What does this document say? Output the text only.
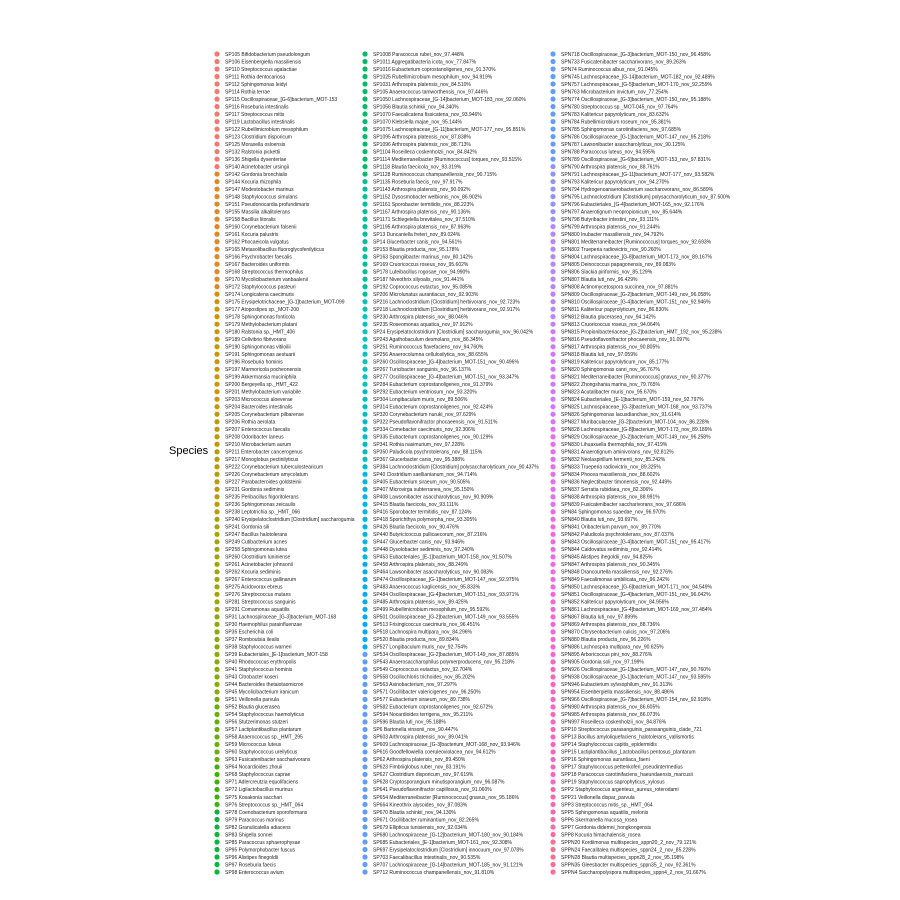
Species
SP105 Bifidobacterium pseudolongum
SP106 Eisenbergiella massiliensis
SP110 Streptococcus agalactiae
SP111 Rothia dentocariosa
SP112 Sphingomonas leidyi
SP114 Rothia terrae
SP115 Oscillospiraceae_[G-6]bacterium_MOT-153
SP116 Roseburia intestinalis
SP117 Streptococcus mitis
SP119 Lactobacillus intestinalis
SP122 Rubellimicrobium mesophilum
SP123 Clostridium disporicum
SP125 Moraxella osloensis
SP132 Ralstonia pickettii
SP136 Shigella dysenteriae
SP140 Acinetobacter ursingii
SP142 Gordonia bronchialis
SP144 Kocuria rhizophila
SP147 Modestobacter marinus
SP148 Staphylococcus simulans
SP151 Pseudonocardia profundimaris
SP155 Massilia alkalitolerans
SP158 Bacillus litoralis
SP160 Corynebacterium falsenii
SP161 Kocuria palustris
SP162 Phocaeicola vulgatus
SP165 Metasolibacillus fluoroglycofenilyticus
SP166 Psychrobacter faecalis
SP167 Bacteroides uniformis
SP168 Streptococcus thermophilus
SP170 Mycolicibacterium vanbaalenii
SP172 Staphylococcus pasteuri
SP174 Longicatena caecimuris
SP175 Erysipelotrichaceae_[G-1]bacterium_MOT-099
SP177 Atopostipes sp._MOT-200
SP178 Sphingomonas fonticola
SP179 Methylobacterium platani
SP180 Ralstonia sp._HMT_406
SP189 Cellvibrio fibrivorans
SP190 Sphingomonas vitiloilii
SP191 Sphingomonas aestuarii
SP196 Roseburia hominis
SP197 Marmoricola pocheonensis
SP199 Akkermansia muciniphila
SP200 Bergeyella sp._HMT_422
SP201 Methylobacterium variabile
SP203 Micrococcus aloeverae
SP204 Bacteroides intestinalis
SP205 Corynebacterium pilbarense
SP206 Rothia aerolata
SP207 Enterococcus faecalis
SP208 Odoribacter laneus
SP210 Microbacterium aurum
SP211 Enterobacter cancerogenus
SP217 Monoglobus pectinilyticus
SP222 Corynebacterium tuberculostearicum
SP226 Corynebacterium amycolatum
SP227 Parabacteroides goldsteinii
SP231 Gordonia sediminis
SP235 Peribacillus frigoritolerans
SP236 Sphingomonas zeicaulis
SP238 Leptotrichia sp._HMT_066
SP240 Erysipelatoclostridium [Clostridium] saccharogumia
SP241 Gordonia sili
SP247 Bacillus halotolerans
SP249 Cutibacterium acnes
SP258 Sphingomonas lutea
SP260 Clostridium luniniense
SP261 Acinetobacter johnsonii
SP262 Kocuria sediminis
SP267 Enterococcus gallinarum
SP275 Acidovorax ebreus
SP276 Streptococcus mutans
SP281 Streptococcus sanguinis
SP291 Comamonas aquatilis
SP31 Lachnospiraceae_[G-3]bacterium_MOT-168
SP30 Haemophilus parainfluenzae
SP35 Escherichia coli
SP37 Romboutsia ilealis
SP38 Staphylococcus warneri
SP39 Eubacteriales_[E-1]bacterium_MOT-158
SP40 Rhodococcus erythropolis
SP41 Staphylococcus hominis
SP43 Citrobacter koseri
SP44 Bacteroides thetaiotaomicron
SP45 Mycolicibacterium iranicum
SP51 Veillonella parvula
SP52 Blautia glucerasea
SP54 Staphylococcus haemolyticus
SP56 Stutzerimonas stutzeri
SP57 Lactiplantibacillus plantarum
SP58 Anaerococcus sp._HMT_295
SP59 Micrococcus luteus
SP60 Staphylococcus ureilyticus
SP63 Fusicatenibacter saccharivorans
SP64 Nocardioides zhouii
SP68 Staphylococcus caprae
SP71 Adlercreutzia equolifaciens
SP72 Ligilactobacillus murinus
SP75 Kosakonia sacchari
SP76 Streptococcus sp._HMT_064
SP78 Coenobacterium sporoformans
SP79 Paracoccus marinus
SP82 Granulicatella adiacens
SP83 Shigella sonnei
SP85 Paracoccus sphaerophysae
SP95 Polymorphobacter fuscus
SP96 Alistipes finegoldii
SP97 Roseburia faecis
SP98 Enterococcus avium
SP1008 Paracoccus rubei_nov_97.448%
SP1011 Aggregatibacteria icota_nov_77.847%
SP1016 Eubacterium coprostanoligenes_nov_91.370%
SP1025 Rubellimicrobium mesophilum_nov_94.919%
SP1031 Arthrospira platensis_nov_84.510%
SP105 Anaerococcus tamworthensis_nov_97.446%
SP1050 Lachnospiraceae_[G-14]bacterium_MOT-183_nov_92.060%
SP1056 Blautia schinkii_nov_94.340%
SP1070 Faecalicatena fissicatena_nov_93.946%
SP1070 Klebsiella majae_nov_95.144%
SP1075 Lachnospiraceae_[G-11]bacterium_MOT-177_nov_95.851%
SP1095 Arthrospira platensis_nov_87.838%
SP1096 Arthrospira platensis_nov_88.713%
SP1104 Roseilleca coskenholzii_nov_84.842%
SP1114 Mediterraneibacter [Ruminococcus] torques_nov_93.515%
SP1118 Blautia faecicola_nov_93.319%
SP1128 Ruminococcus champanellensis_nov_90.715%
SP1135 Roseburia faecis_nov_97.917%
SP1143 Arthrospira platensis_nov_90.092%
SP1152 Dysosmobacter welbionis_nov_86.902%
SP1161 Sporobacter termitidis_nov_88.223%
SP1167 Arthrospira platensis_nov_90.136%
SP1171 Schlegelella brevitalea_nov_97.510%
SP1195 Arthrospira platensis_nov_87.963%
SP13 Duncaniella freteri_nov_89.024%
SP14 Glucerbacter canis_nov_94.561%
SP153 Blautia producta_nov_95.178%
SP163 Spongiibacter marinus_nov_80.142%
SP169 Cruoricoccus roseus_nov_95.602%
SP178 Luteibacillus rogosae_nov_94.990%
SP187 Niveothrix silyoalis_nov_91.441%
SP192 Coprococcus eutactus_nov_95.085%
SP206 Microlunatus aurantiacus_nov_92.903%
SP216 Lachnoclostridium [Clostridium] herbivorans_nov_92.723%
SP218 Lachnoclostridium [Clostridium] herbivorans_nov_92.917%
SP230 Arthrospira platensis_nov_88.046%
SP235 Roseomonas aquatica_nov_97.912%
SP24 Erysipelatoclostridium [Clostridium] saccharogumia_nov_96.042%
SP243 Agathobaculum desmolans_nov_86.345%
SP251 Ruminococcus flavefaciens_nov_94.760%
SP256 Anaerocolumna cellulosilytica_nov_88.655%
SP260 Oscillospiraceae_[G-4]bacterium_MOT-151_nov_90.496%
SP267 Turicibacter sanguinis_nov_96.137%
SP277 Oscillospiraceae_[G-4]bacterium_MOT-151_nov_93.347%
SP284 Eubacterium coprostanoligenes_nov_91.379%
SP292 Eubacterium ventriosum_nov_93.320%
SP304 Longibaculum muris_nov_89.506%
SP314 Eubacterium coprostanoligenes_nov_92.424%
SP320 Corynebacterium nuruki_nov_97.629%
SP322 Pseudoflavonifractor phocaeensis_nov_91.511%
SP334 Comebacter caecimuris_nov_92.306%
SP335 Eubacterium coprostanoligenes_nov_90.129%
SP341 Rothia nasimurium_nov_97.228%
SP350 Paludicola psychrotolerans_nov_88.115%
SP367 Glucerbacter canis_nov_95.388%
SP384 Lachnoclostridium [Clostridium] polysaccharolyticum_nov_90.437%
SP40 Clostridium saellianianum_nov_94.714%
SP405 Eubacterium siraeum_nov_90.505%
SP407 Microvirga subterranea_nov_95.150%
SP408 Lawsonibacter asaccharolyticus_nov_90.909%
SP415 Blautia faecicola_nov_93.111%
SP416 Sporobacter termitidis_nov_87.124%
SP418 Sporichthya polymorpha_nov_93.305%
SP426 Blautia faecicola_nov_90.476%
SP440 Butyricicoccus pullicaecorum_nov_87.216%
SP447 Glucerbacter canis_nov_93.946%
SP448 Dysolobacter sediminis_nov_97.240%
SP453 Eubacteriales_[E-1]bacterium_MOT-158_nov_91.507%
SP458 Arthrospira platensis_nov_88.249%
SP464 Lawsonibacter asaccharolyticus_nov_90.083%
SP474 Oscillospiraceae_[G-1]bacterium_MOT-147_nov_92.975%
SP483 Anaerococcus kaglicensis_nov_95.833%
SP484 Oscillospiraceae_[G-4]bacterium_MOT-151_nov_93.971%
SP485 Arthrospira platensis_nov_89.425%
SP499 Rubellimicrobium mesophilum_nov_95.592%
SP501 Oscillospiraceae_[G-2]bacterium_MOT-149_nov_93.555%
SP513 Frisingicoccus caecimuris_nov_96.451%
SP518 Lachnospira multipara_nov_84.296%
SP520 Blautia producta_nov_89.834%
SP527 Longibaculum muris_nov_92.754%
SP534 Oscillospiraceae_[G-2]bacterium_MOT-149_nov_87.885%
SP543 Anaerosaccharophilus polymerproducens_nov_95.218%
SP549 Coprococcus eutactus_nov_92.704%
SP558 Oscillochloris trichoides_nov_85.202%
SP563 Asinobacterium_nov_97.297%
SP571 Oscillibacter valericigenes_nov_96.250%
SP577 Eubacterium siraeum_nov_89.738%
SP582 Eubacterium coprostanoligenes_nov_92.672%
SP594 Nocardioides terrigena_nov_95.211%
SP596 Blautia luti_nov_95.188%
SP6 Bartonella vinsonii_nov_90.447%
SP603 Arthrospira platensis_nov_89.041%
SP609 Lachnospiraceae_[G-3]bacterium_MOT-168_nov_93.946%
SP616 Goodfellowiella coeruleoviolacea_nov_94.612%
SP62 Arthrospira platensis_nov_89.450%
SP623 Fimbriiglobus ruber_nov_83.191%
SP627 Clostridium disporicum_nov_97.619%
SP628 Cryptosporangium minutisporangium_nov_96.087%
SP641 Pseudoflavonifractor capillosus_nov_91.060%
SP654 Mediterraneibacter [Ruminococcus] gnavus_nov_95.186%
SP664 Kineothrix alysoides_nov_87.083%
SP670 Blautia schinkii_nov_94.130%
SP671 Oscillibacter ruminantium_nov_82.265%
SP679 Ellipticus tunisiensis_nov_92.034%
SP680 Lachnospiraceae_[G-12]bacterium_MOT-180_nov_90.184%
SP685 Eubacteriales_[E-1]bacterium_MOT-161_nov_92.308%
SP697 Erysipelatoclostridium [Clostridium] innocuum_nov_97.078%
SP703 Faecalibacillus intestinalis_nov_90.535%
SP707 Lachnospiraceae_[G-14]bacterium_MOT-185_nov_91.121%
SP712 Ruminococcus champanellensis_nov_91.810%
SPN718 Oscillospiraceae_[G-3]bacterium_MOT-150_nov_96.458%
SPN733 Fusicatenibacter saccharivorans_nov_89.263%
SPN74 Ruminococcus albus_nov_91.045%
SPN745 Lachnospiraceae_[G-14]bacterium_MOT-182_nov_92.489%
SPN757 Lachnospiraceae_[G-5]bacterium_MOT-170_nov_92.259%
SPN763 Microbacterium invictum_nov_77.254%
SPN774 Oscillospiraceae_[G-3]bacterium_MOT-150_nov_95.188%
SPN780 Streptococcus sp._MOT-045_nov_97.764%
SPN783 Kalitericur papyrolyticum_nov_83.632%
SPN784 Rubellimicrobium roseum_nov_95.381%
SPN785 Sphingomonas carotinifaciens_nov_97.685%
SPN786 Oscillospiraceae_[G-1]bacterium_MOT-147_nov_95.218%
SPN787 Lawsonibacter asaccharolyticus_nov_90.125%
SPN788 Paracoccus luteus_nov_94.595%
SPN789 Oscillospiraceae_[G-6]bacterium_MOT-153_nov_97.831%
SPN790 Arthrospira platensis_nov_88.761%
SPN791 Lachnospiraceae_[G-11]bacterium_MOT-177_nov_93.582%
SPN793 Kalitericur papyrolyticum_nov_94.270%
SPN794 Hydrogenoanaerobacterium saccharovorans_nov_86.589%
SPN795 Lachnoclostridium [Clostridium] polysaccharolyticum_nov_87.500%
SPN796 Eubacteriales_[G-4]bacterium_MOT-165_nov_92.176%
SPN797 Anaerotignum neopropionicum_nov_85.644%
SPN798 Butyribacter intestini_nov_93.111%
SPN799 Arthrospira platensis_nov_91.244%
SPN800 Inubacter massiliensis_nov_94.792%
SPN801 Mediterraneibacter [Ruminococcus] torques_nov_92.693%
SPN802 Trueperia radiovictrix_nov_90.260%
SPN804 Lachnospiraceae_[G-8]bacterium_MOT-173_nov_89.167%
SPN805 Deinococcus papagonensis_nov_89.083%
SPN806 Slackia piriformis_nov_85.129%
SPN807 Blautia luti_nov_96.429%
SPN808 Actinomycetospora succinea_nov_97.881%
SPN809 Oscillospiraceae_[G-2]bacterium_MOT-149_nov_96.058%
SPN810 Oscillospiraceae_[G-4]bacterium_MOT-151_nov_92.946%
SPN811 Kalitericur papyrolyticum_nov_86.830%
SPN812 Blautia glucerasea_nov_94.142%
SPN813 Cruoricoccus roseus_nov_94.064%
SPN815 Propionibacteriaceae_[G-2]bacterium_HMT_192_nov_95.238%
SPN816 Pseudoflavonifractor phocaeensis_nov_91.097%
SPN817 Arthrospira platensis_nov_90.805%
SPN818 Blautia luti_nov_97.059%
SPN819 Kalitericur papyrolyticum_nov_85.177%
SPN820 Sphingomonas canri_nov_96.767%
SPN821 Mediterraneibacter [Ruminococcus] gnavus_nov_90.377%
SPN822 Zhongshania marina_nov_79.765%
SPN823 Acutalibacter muris_nov_95.670%
SPN824 Eubacteriales_[E-1]bacterium_MOT-159_nov_92.797%
SPN825 Lachnospiraceae_[G-3]bacterium_MOT-168_nov_93.737%
SPN826 Sphingomonas lacusdianchae_nov_91.614%
SPN827 Muribaculaceae_[G-2]bacterium_MOT-104_nov_86.228%
SPN828 Lachnospiraceae_[G-8]bacterium_MOT-173_nov_89.189%
SPN829 Oscillospiraceae_[G-2]bacterium_MOT-149_nov_96.258%
SPN830 Lihuaxuella thermophila_nov_97.419%
SPN831 Anaerotignum aminivorans_nov_92.812%
SPN832 Neolaspirillum fermenti_nov_85.242%
SPN833 Trueperia radiovictrix_nov_89.325%
SPN834 Phocea massiliensis_nov_88.602%
SPN836 Neglectibacter timonensis_nov_92.449%
SPN837 Serratia rubidaea_nov_82.306%
SPN838 Arthrospira platensis_nov_88.991%
SPN839 Fusicatenibacter saccharivorans_nov_97.686%
SPN84 Sphingomonas suaedae_nov_96.970%
SPN840 Blautia luti_nov_93.697%
SPN841 Oribacterium parvum_nov_89.770%
SPN842 Paludicola psychrotolerans_nov_87.037%
SPN843 Oscillospiraceae_[G-4]bacterium_MOT-151_nov_95.417%
SPN844 Caldovatus sediminis_nov_92.414%
SPN845 Alistipes ihegoldii_nov_94.825%
SPN847 Arthrospira platensis_nov_90.345%
SPN848 Drancourtella massiliensis_nov_92.276%
SPN849 Faecalimonas umbilicata_nov_96.242%
SPN850 Lachnospiraceae_[G-6]bacterium_MOT-171_nov_94.549%
SPN851 Oscillospiraceae_[G-4]bacterium_MOT-151_nov_96.042%
SPN852 Kalitericur papyrolyticum_nov_84.956%
SPN861 Lachnospiraceae_[G-4]bacterium_MOT-169_nov_97.484%
SPN867 Blautia luti_nov_97.899%
SPN869 Arthrospira platensis_nov_88.736%
SPN870 Chryseobacterium culicis_nov_97.206%
SPN880 Blautia producta_nov_96.226%
SPN886 Lachnospira multipara_nov_90.625%
SPN895 Arboricoccus pini_nov_88.276%
SPN905 Gordonia soli_nov_97.199%
SPN926 Oscillospiraceae_[G-1]bacterium_MOT-147_nov_90.760%
SPN938 Oscillospiraceae_[G-1]bacterium_MOT-147_nov_93.595%
SPN946 Eubacterium sylvsophilum_nov_91.313%
SPN954 Eisenbergiella massiliensis_nov_88.486%
SPN966 Oscillospiraceae_[G-7]bacterium_MOT-154_nov_92.918%
SPN980 Arthrospira platensis_nov_86.605%
SPN985 Arthrospira platensis_nov_86.073%
SPN997 Roseilleca coskenholzii_nov_84.876%
SPP10 Streptococcus parasanguinis_parasanguinis_clade_721
SPP13 Bacillus amyloliquefaciens_halotolerans_vallismortis
SPP14 Staphylococcus capitis_epidermidis
SPP15 Lactiplantibacillus_Lactobacillus pentosus_plantarum
SPP16 Sphingomonas aurantiaca_faeni
SPP17 Staphylococcus pettenkoferi_pseudintermedius
SPP18 Paracoccus carotinifaciens_haeundaensis_marcusii
SPP19 Staphylococcus saprophyticus_xylosus
SPP2 Staphylococcus argenteus_aureus_roterodami
SPP21 Veillonella dispar_parvula
SPP3 Streptococcus mitis_sp._HMT_064
SPP5 Sphingomonas aquatilis_melonis
SPP6 Skermanella mucosa_rosea
SPP7 Gordonia didemni_hongkongensis
SPP8 Kocuria himachalensis_rosea
SPPN20 Kordiimonas multispecies_sppn20_2_nov_79.121%
SPPN24 Faecalitalea multispecies_sppn24_2_nov_85.228%
SPPN28 Blautia multispecies_sppn28_2_nov_95.198%
SPPN35 Gleesbacter multispecies_sppn35_2_nov_92.361%
SPPN4 Saccharopolyspora multispecies_sppn4_2_nov_91.667%
